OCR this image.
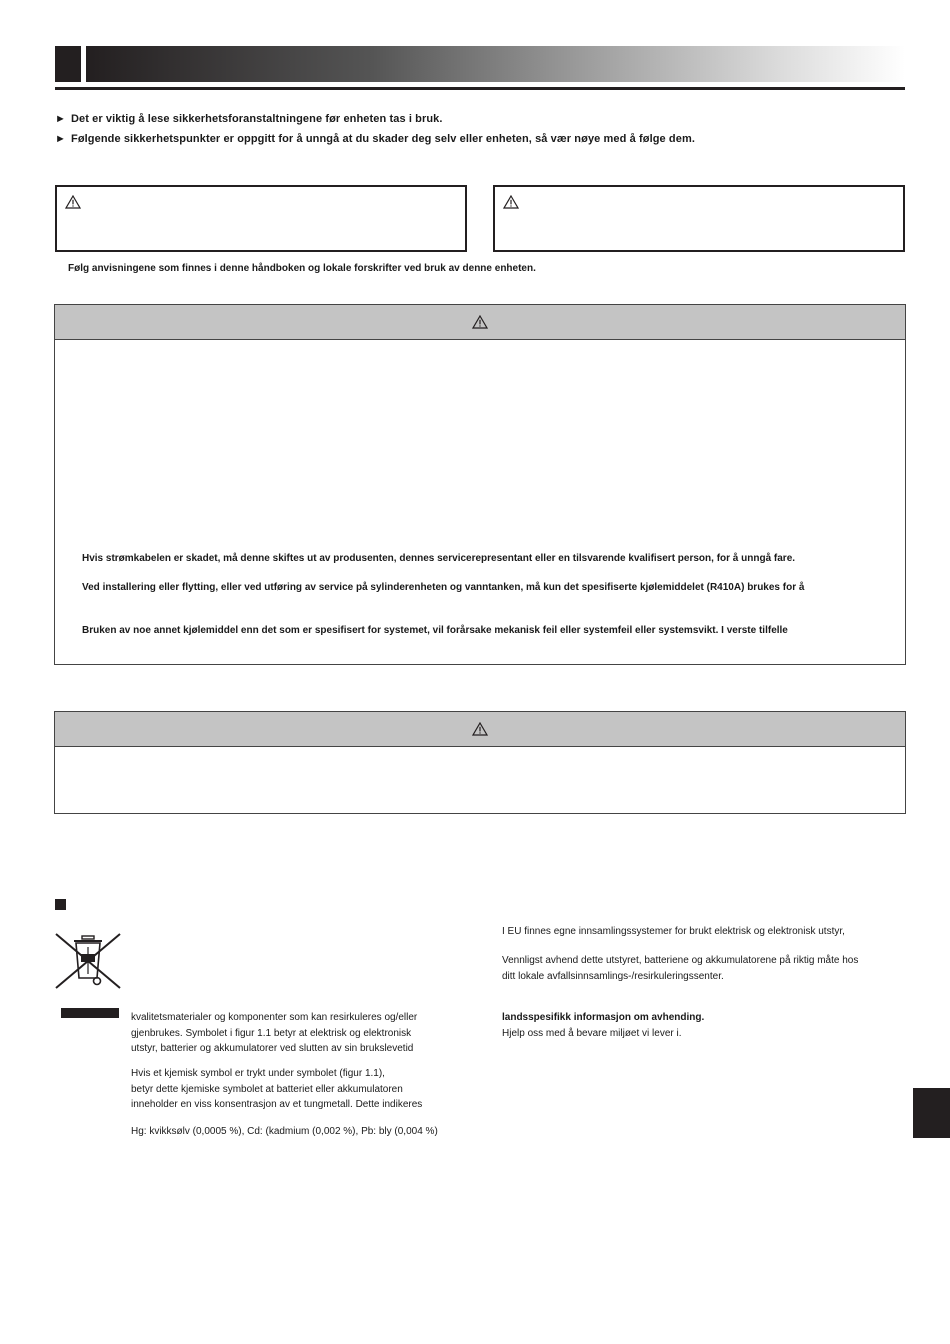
► Det er viktig å lese sikkerhetsforanstaltningene før enheten tas i bruk.
► Følgende sikkerhetspunkter er oppgitt for å unngå at du skader deg selv eller enheten, så vær nøye med å følge dem.
Følg anvisningene som finnes i denne håndboken og lokale forskrifter ved bruk av denne enheten.
Hvis strømkabelen er skadet, må denne skiftes ut av produsenten, dennes servicerepresentant eller en tilsvarende kvalifisert person, for å unngå fare.
Ved installering eller flytting, eller ved utføring av service på sylinderenheten og vanntanken, må kun det spesifiserte kjølemiddelet (R410A) brukes for å
Bruken av noe annet kjølemiddel enn det som er spesifisert for systemet, vil forårsake mekanisk feil eller systemfeil eller systemsvikt. I verste tilfelle
kvalitetsmaterialer og komponenter som kan resirkuleres og/eller
gjenbrukes. Symbolet i figur 1.1 betyr at elektrisk og elektronisk
utstyr, batterier og akkumulatorer ved slutten av sin brukslevetid
Hvis et kjemisk symbol er trykt under symbolet (figur 1.1),
betyr dette kjemiske symbolet at batteriet eller akkumulatoren
inneholder en viss konsentrasjon av et tungmetall. Dette indikeres
Hg: kvikksølv (0,0005 %), Cd: (kadmium (0,002 %), Pb: bly (0,004 %)
I EU finnes egne innsamlingssystemer for brukt elektrisk og elektronisk utstyr,
Vennligst avhend dette utstyret, batteriene og akkumulatorene på riktig måte hos
ditt lokale avfallsinnsamlings-/resirkuleringssenter.
landsspesifikk informasjon om avhending.
Hjelp oss med å bevare miljøet vi lever i.
